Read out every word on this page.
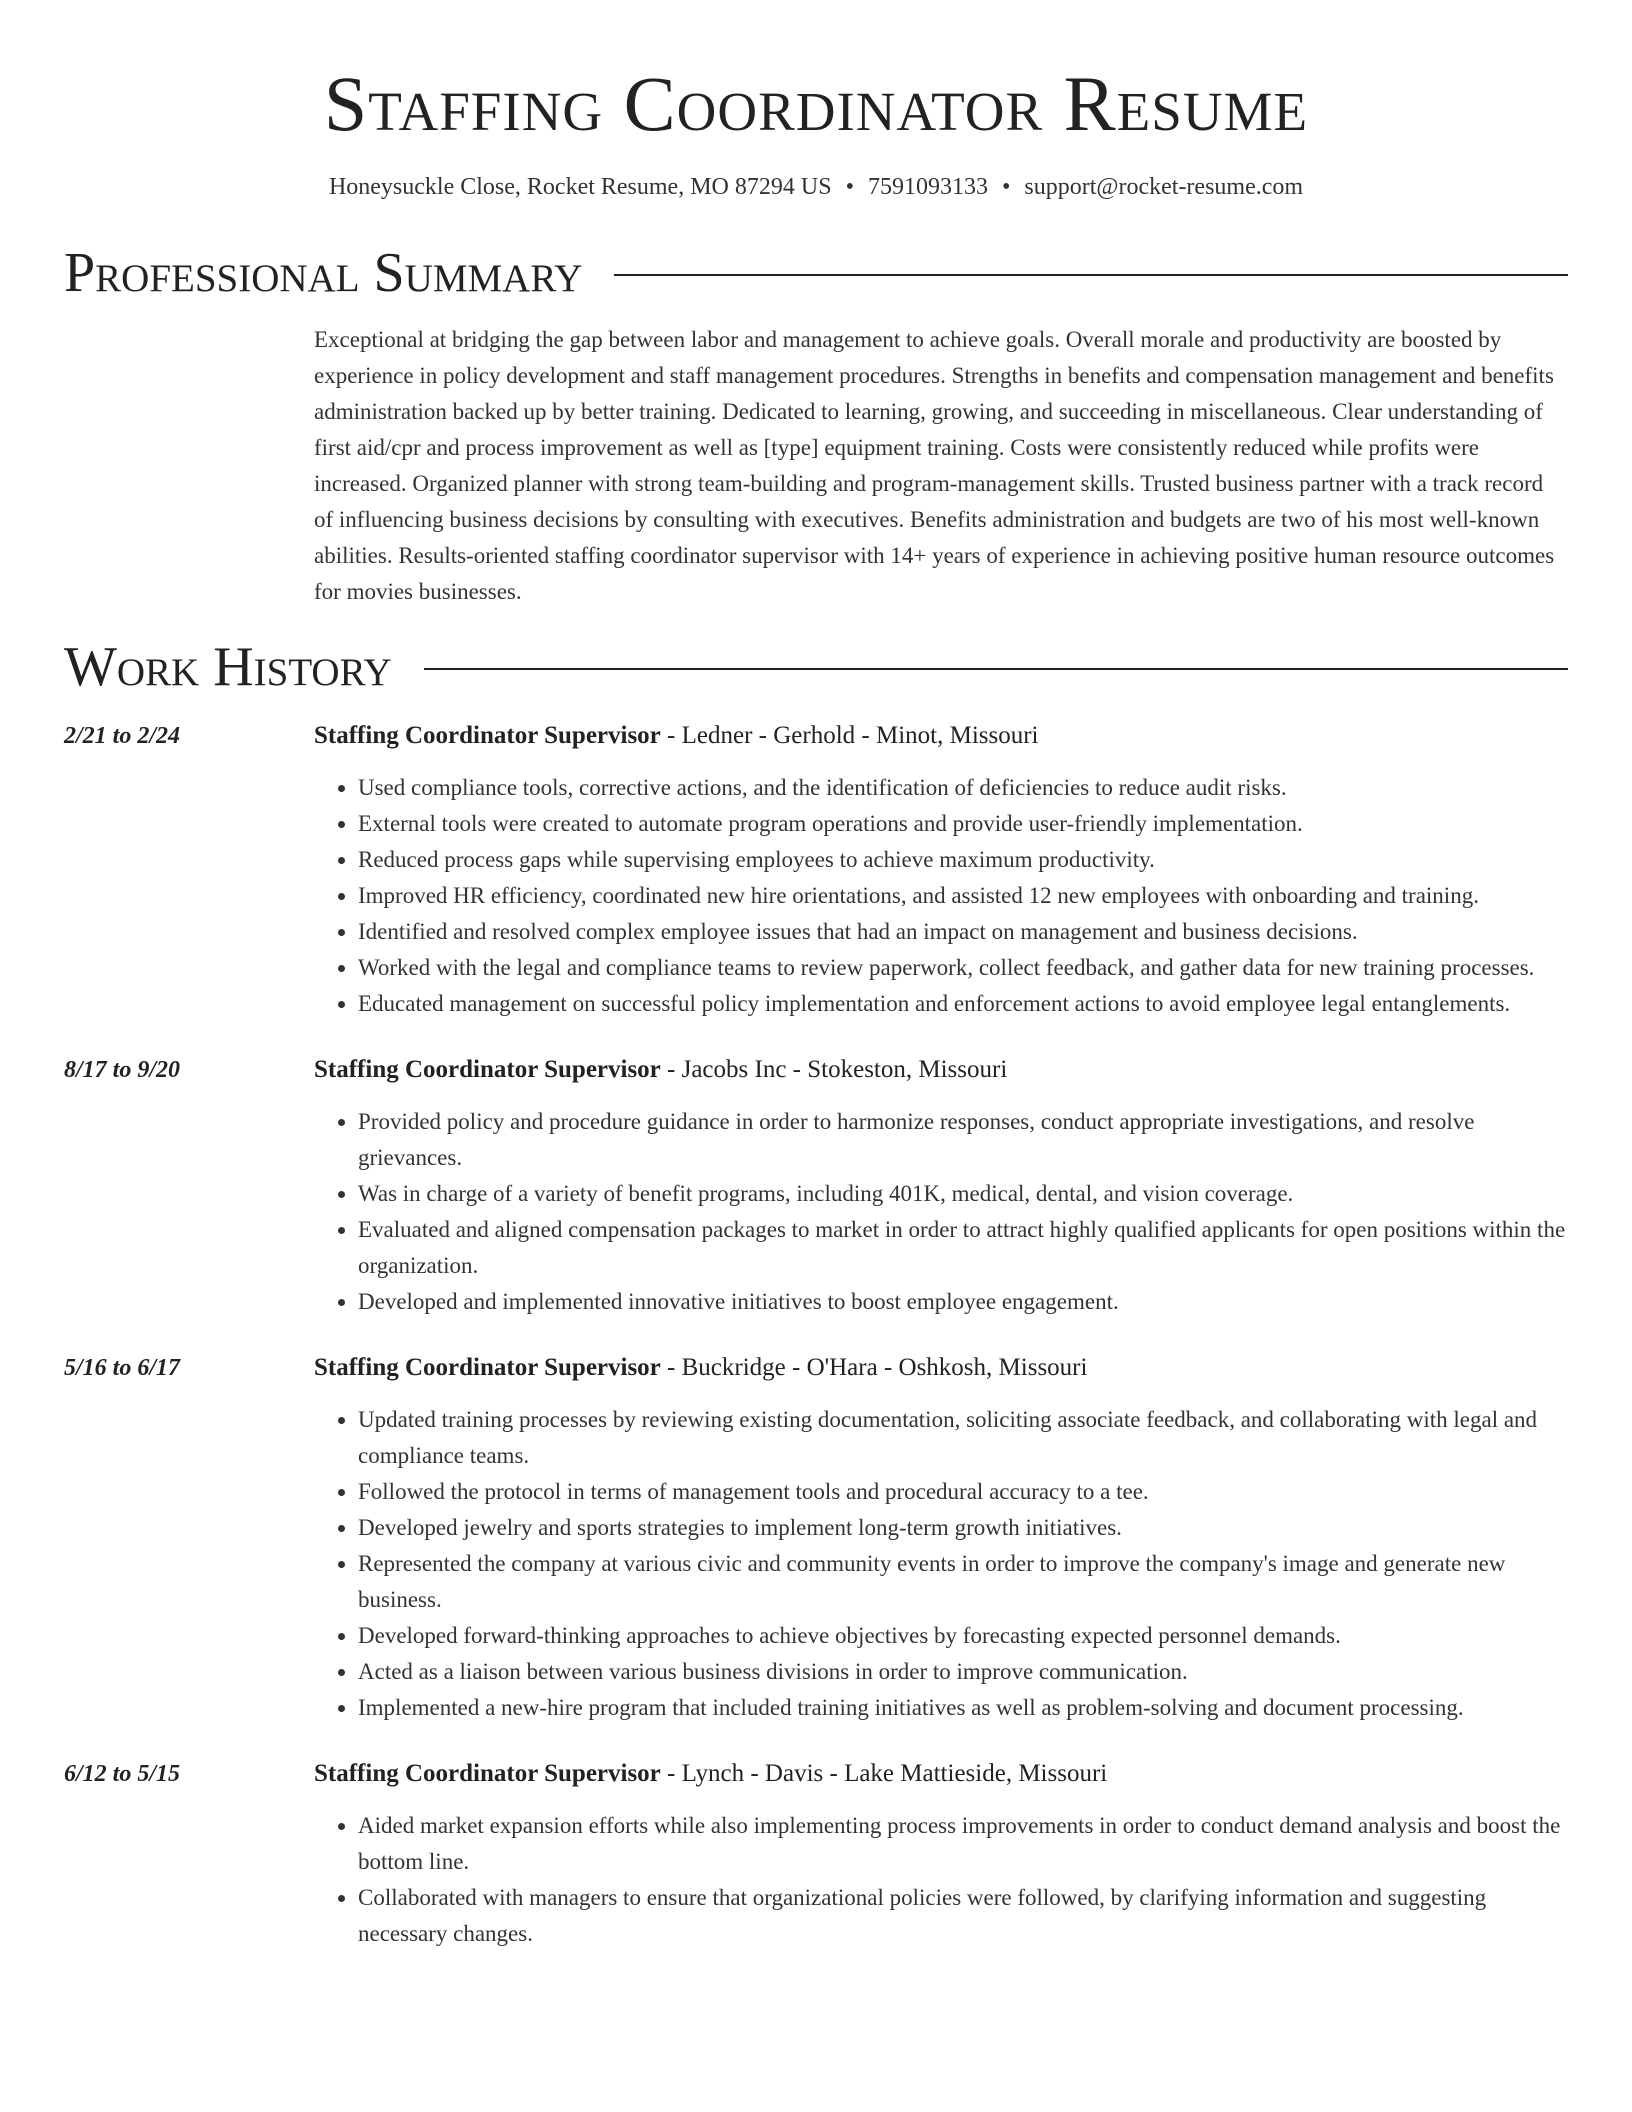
Staffing Coordinator Resume
Honeysuckle Close, Rocket Resume, MO 87294 US • 7591093133 • support@rocket-resume.com
Professional Summary

Exceptional at bridging the gap between labor and management to achieve goals. Overall morale and productivity are boosted by experience in policy development and staff management procedures. Strengths in benefits and compensation management and benefits administration backed up by better training. Dedicated to learning, growing, and succeeding in miscellaneous. Clear understanding of first aid/cpr and process improvement as well as [type] equipment training. Costs were consistently reduced while profits were increased. Organized planner with strong team-building and program-management skills. Trusted business partner with a track record of influencing business decisions by consulting with executives. Benefits administration and budgets are two of his most well-known abilities. Results-oriented staffing coordinator supervisor with 14+ years of experience in achieving positive human resource outcomes for movies businesses.

Work History
2/21 to 2/24	Staffing Coordinator Supervisor - Ledner - Gerhold - Minot, Missouri
• Used compliance tools, corrective actions, and the identification of deficiencies to reduce audit risks.
• External tools were created to automate program operations and provide user-friendly implementation.
• Reduced process gaps while supervising employees to achieve maximum productivity.
• Improved HR efficiency, coordinated new hire orientations, and assisted 12 new employees with onboarding and training.
• Identified and resolved complex employee issues that had an impact on management and business decisions.
• Worked with the legal and compliance teams to review paperwork, collect feedback, and gather data for new training processes.
• Educated management on successful policy implementation and enforcement actions to avoid employee legal entanglements.
8/17 to 9/20	Staffing Coordinator Supervisor - Jacobs Inc - Stokeston, Missouri
• Provided policy and procedure guidance in order to harmonize responses, conduct appropriate investigations, and resolve grievances.
• Was in charge of a variety of benefit programs, including 401K, medical, dental, and vision coverage.
• Evaluated and aligned compensation packages to market in order to attract highly qualified applicants for open positions within the organization.
• Developed and implemented innovative initiatives to boost employee engagement.
5/16 to 6/17	Staffing Coordinator Supervisor - Buckridge - O'Hara - Oshkosh, Missouri
• Updated training processes by reviewing existing documentation, soliciting associate feedback, and collaborating with legal and compliance teams.
• Followed the protocol in terms of management tools and procedural accuracy to a tee.
• Developed jewelry and sports strategies to implement long-term growth initiatives.
• Represented the company at various civic and community events in order to improve the company's image and generate new business.
• Developed forward-thinking approaches to achieve objectives by forecasting expected personnel demands.
• Acted as a liaison between various business divisions in order to improve communication.
• Implemented a new-hire program that included training initiatives as well as problem-solving and document processing.
6/12 to 5/15	Staffing Coordinator Supervisor - Lynch - Davis - Lake Mattieside, Missouri
• Aided market expansion efforts while also implementing process improvements in order to conduct demand analysis and boost the bottom line.
• Collaborated with managers to ensure that organizational policies were followed, by clarifying information and suggesting necessary changes.
